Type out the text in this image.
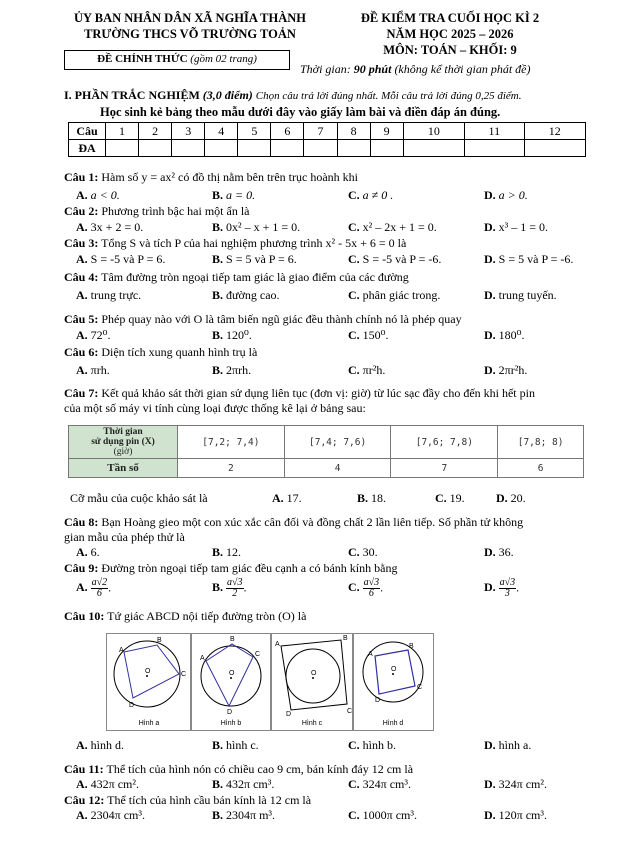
ỦY BAN NHÂN DÂN XÃ NGHĨA THÀNH
TRƯỜNG THCS VÕ TRƯỜNG TOẢN
ĐỀ CHÍNH THỨC (gồm 02 trang)
ĐỀ KIỂM TRA CUỐI HỌC KÌ 2
NĂM HỌC 2025 – 2026
MÔN: TOÁN – KHỐI: 9
Thời gian: 90 phút (không kể thời gian phát đề)
I. PHẦN TRẮC NGHIỆM (3,0 điểm) Chọn câu trả lời đúng nhất. Mỗi câu trả lời đúng 0,25 điểm.
Học sinh kẻ bảng theo mẫu dưới đây vào giấy làm bài và điền đáp án đúng.
Câu	1	2	3	4	5	6	7	8	9	10	11	12
ĐA												
Câu 1: Hàm số y = ax² có đồ thị nằm bên trên trục hoành khi
A. a < 0.	B. a = 0.	C. a ≠ 0 .	D. a > 0.
Câu 2: Phương trình bậc hai một ẩn là
A. 3x + 2 = 0.	B. 0x² – x + 1 = 0.	C. x² – 2x + 1 = 0.	D. x³ – 1 = 0.
Câu 3: Tổng S và tích P của hai nghiệm phương trình x² - 5x + 6 = 0 là
A. S = -5 và P = 6.	B. S = 5 và P = 6.	C. S = -5 và P = -6.	D. S = 5 và P = -6.
Câu 4: Tâm đường tròn ngoại tiếp tam giác là giao điểm của các đường
A. trung trực.	B. đường cao.	C. phân giác trong.	D. trung tuyến.
Câu 5: Phép quay nào với O là tâm biến ngũ giác đều thành chính nó là phép quay
A. 72⁰.	B. 120⁰.	C. 150⁰.	D. 180⁰.
Câu 6: Diện tích xung quanh hình trụ là
A. πrh.	B. 2πrh.	C. πr²h.	D. 2πr²h.
Câu 7: Kết quả khảo sát thời gian sử dụng liên tục (đơn vị: giờ) từ lúc sạc đầy cho đến khi hết pin
của một số máy vi tính cùng loại được thống kê lại ở bảng sau:
Thời gian
sử dụng pin (X)
(giờ)	[7,2; 7,4)	[7,4; 7,6)	[7,6; 7,8)	[7,8; 8)
Tần số	2	4	7	6
Cỡ mẫu của cuộc khảo sát là	A. 17.	B. 18.	C. 19.	D. 20.
Câu 8: Bạn Hoàng gieo một con xúc xắc cân đối và đồng chất 2 lần liên tiếp. Số phần tử không
gian mẫu của phép thử là
A. 6.	B. 12.	C. 30.	D. 36.
Câu 9: Đường tròn ngoại tiếp tam giác đều cạnh a có bánh kính bằng
A. $\frac{a√2}{6}$ .	B. $\frac{a√3}{2}$ .	C. $\frac{a√3}{6}$ .	D. $\frac{a√3}{3}$ .
Câu 10: Tứ giác ABCD nội tiếp đường tròn (O) là
A
B
C
D
O
Hình a
A
B
C
D
O
Hình b
A
B
C
D
O
Hình c
A
B
C
D
O
Hình d
A. hình d.	B. hình c.	C. hình b.	D. hình a.
Câu 11: Thể tích của hình nón có chiều cao 9 cm, bán kính đáy 12 cm là
A. 432π cm².	B. 432π cm³.	C. 324π cm³.	D. 324π cm².
Câu 12: Thể tích của hình cầu bán kính là 12 cm là
A. 2304π cm³.	B. 2304π m³.	C. 1000π cm³.	D. 120π cm³.
